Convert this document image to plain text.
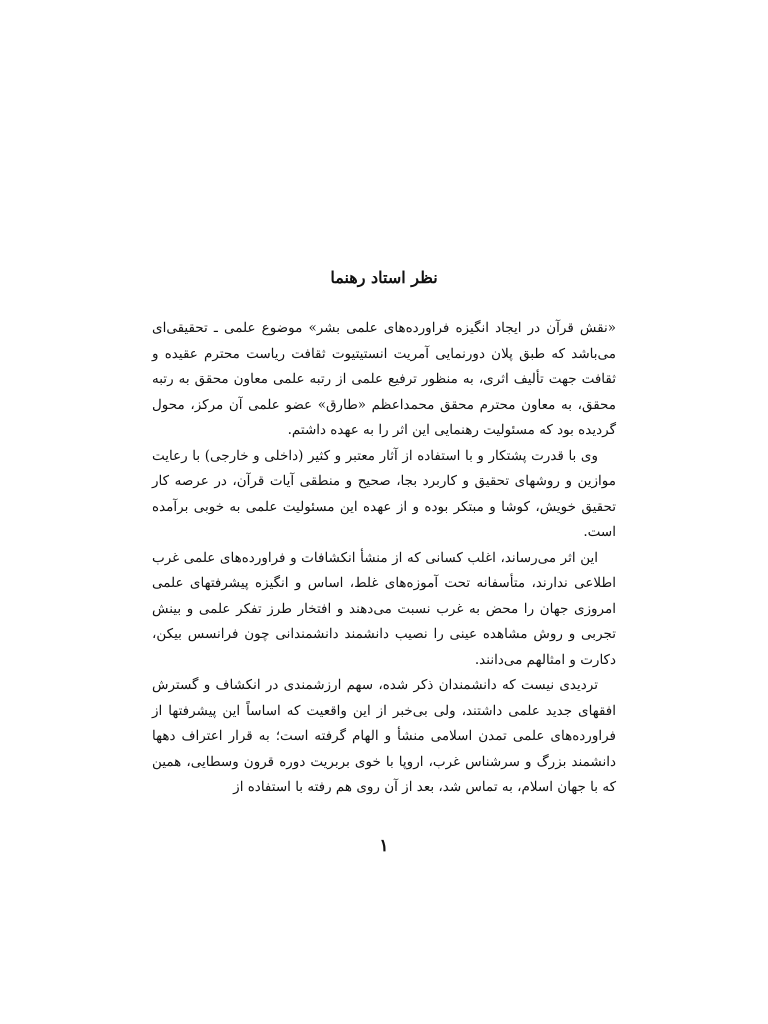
نظر استاد رهنما

«نقش قرآن در ایجاد انگیزه فراورده‌های علمی بشر» موضوع علمی ـ تحقیقی‌ای می‌باشد که طبق پلان دورنمایی آمریت انستیتیوت ثقافت ریاست محترم عقیده و ثقافت جهت تألیف اثری، به منظور ترفیع علمی از رتبه علمی معاون محقق به رتبه محقق، به معاون محترم محقق محمداعظم «طارق» عضو علمی آن مرکز، محول گردیده بود که مسئولیت رهنمایی این اثر را به عهده داشتم.

وی با قدرت پشتکار و با استفاده از آثار معتبر و کثیر (داخلی و خارجی) با رعایت موازین و روشهای تحقیق و کاربرد بجا، صحیح و منطقی آیات قرآن، در عرصه کار تحقیق خویش، کوشا و مبتکر بوده و از عهده این مسئولیت علمی به خوبی برآمده است.

این اثر می‌رساند، اغلب کسانی که از منشأ انکشافات و فراورده‌های علمی غرب اطلاعی ندارند، متأسفانه تحت آموزه‌های غلط، اساس و انگیزه پیشرفتهای علمی امروزی جهان را محض به غرب نسبت می‌دهند و افتخار طرز تفکر علمی و بینش تجربی و روش مشاهده عینی را نصیب دانشمند دانشمندانی چون فرانسس بیکن، دکارت و امثالهم می‌دانند.

تردیدی نیست که دانشمندان ذکر شده، سهم ارزشمندی در انکشاف و گسترش افقهای جدید علمی داشتند، ولی بی‌خبر از این واقعیت که اساساً این پیشرفتها از فراورده‌های علمی تمدن اسلامی منشأ و الهام گرفته است؛ به قرار اعتراف دهها دانشمند بزرگ و سرشناس غرب، اروپا با خوی بربریت دوره قرون وسطایی، همین که با جهان اسلام، به تماس شد، بعد از آن روی هم رفته با استفاده از

۱
